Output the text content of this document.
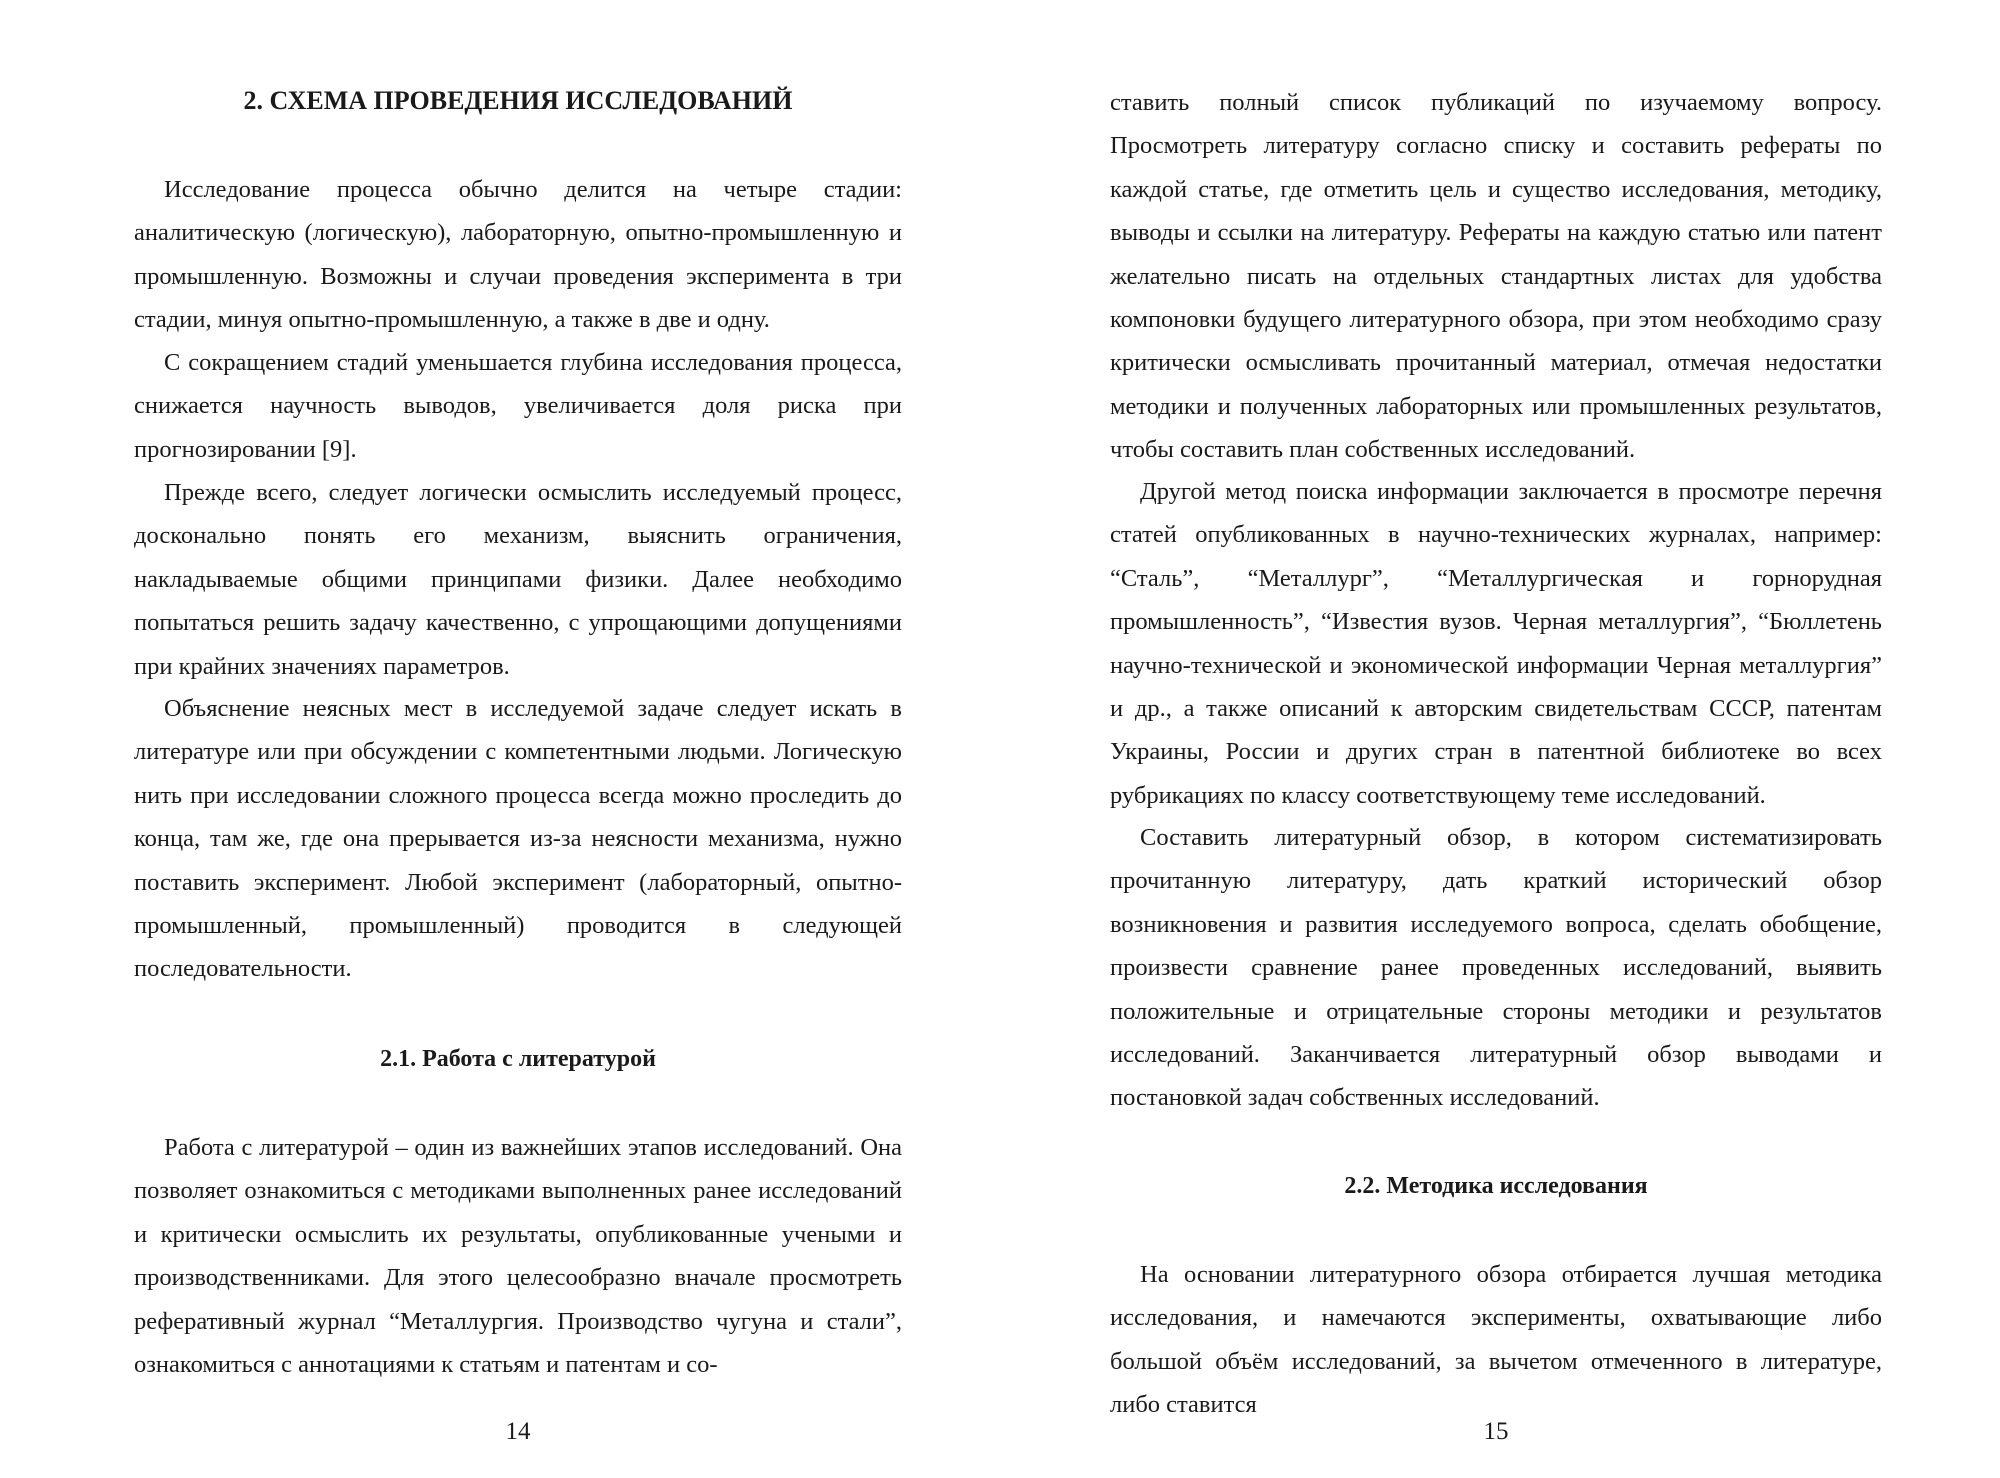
2. СХЕМА ПРОВЕДЕНИЯ ИССЛЕДОВАНИЙ

Исследование процесса обычно делится на четыре стадии: аналитическую (логическую), лабораторную, опытно-промышленную и промышленную. Возможны и случаи проведения эксперимента в три стадии, минуя опытно-промышленную, а также в две и одну.

С сокращением стадий уменьшается глубина исследования процесса, снижается научность выводов, увеличивается доля риска при прогнозировании [9].

Прежде всего, следует логически осмыслить исследуемый процесс, досконально понять его механизм, выяснить ограничения, накладываемые общими принципами физики. Далее необходимо попытаться решить задачу качественно, с упрощающими допущениями при крайних значениях параметров.

Объяснение неясных мест в исследуемой задаче следует искать в литературе или при обсуждении с компетентными людьми. Логическую нить при исследовании сложного процесса всегда можно проследить до конца, там же, где она прерывается из-за неясности механизма, нужно поставить эксперимент. Любой эксперимент (лабораторный, опытно-промышленный, промышленный) проводится в следующей последовательности.

2.1. Работа с литературой

Работа с литературой – один из важнейших этапов исследований. Она позволяет ознакомиться с методиками выполненных ранее исследований и критически осмыслить их результаты, опубликованные учеными и производственниками. Для этого целесообразно вначале просмотреть реферативный журнал “Металлургия. Производство чугуна и стали”, ознакомиться с аннотациями к статьям и патентам и со-

14

ставить полный список публикаций по изучаемому вопросу. Просмотреть литературу согласно списку и составить рефераты по каждой статье, где отметить цель и существо исследования, методику, выводы и ссылки на литературу. Рефераты на каждую статью или патент желательно писать на отдельных стандартных листах для удобства компоновки будущего литературного обзора, при этом необходимо сразу критически осмысливать прочитанный материал, отмечая недостатки методики и полученных лабораторных или промышленных результатов, чтобы составить план собственных исследований.

Другой метод поиска информации заключается в просмотре перечня статей опубликованных в научно-технических журналах, например: “Сталь”, “Металлург”, “Металлургическая и горнорудная промышленность”, “Известия вузов. Черная металлургия”, “Бюллетень научно-технической и экономической информации Черная металлургия” и др., а также описаний к авторским свидетельствам СССР, патентам Украины, России и других стран в патентной библиотеке во всех рубрикациях по классу соответствующему теме исследований.

Составить литературный обзор, в котором систематизировать прочитанную литературу, дать краткий исторический обзор возникновения и развития исследуемого вопроса, сделать обобщение, произвести сравнение ранее проведенных исследований, выявить положительные и отрицательные стороны методики и результатов исследований. Заканчивается литературный обзор выводами и постановкой задач собственных исследований.

2.2. Методика исследования

На основании литературного обзора отбирается лучшая методика исследования, и намечаются эксперименты, охватывающие либо большой объём исследований, за вычетом отмеченного в литературе, либо ставится

15
